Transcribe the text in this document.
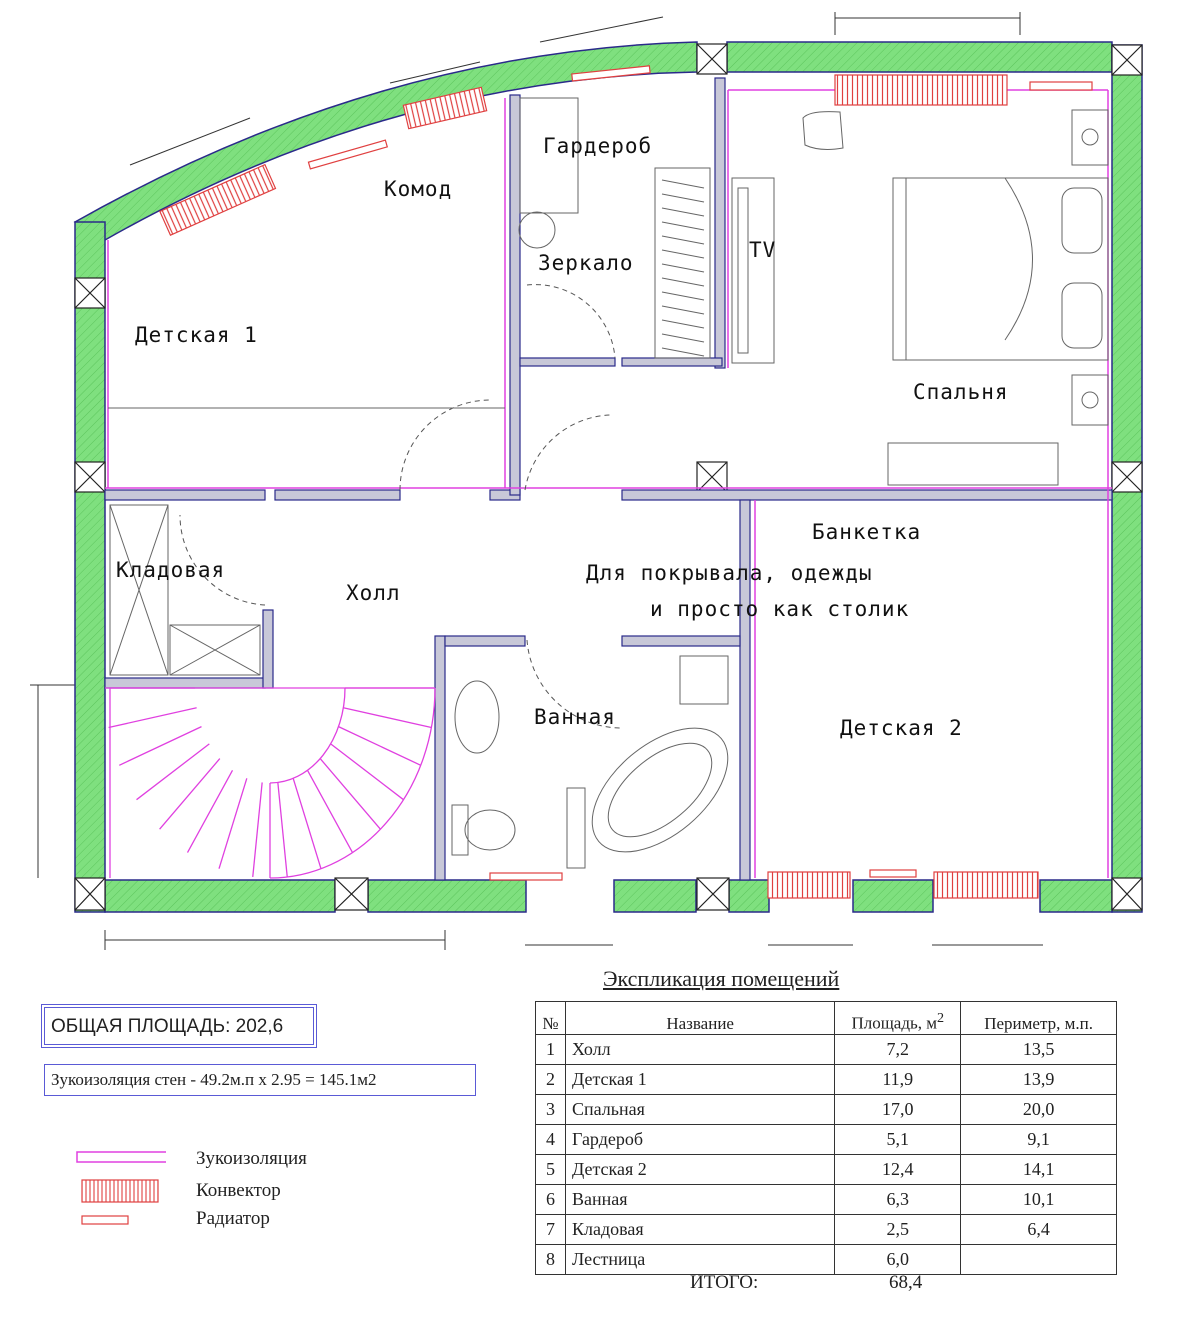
Гардероб
Комод
Зеркало
TV
Детская 1
Спальня
Банкетка
Для покрывала, одежды
и просто как столик
Кладовая
Холл
Ванная	Детская 2
ОБЩАЯ ПЛОЩАДЬ: 202,6
Зукоизоляция стен - 49.2м.п х 2.95 = 145.1м2
Зукоизоляция
Конвектор
Радиатор
Экспликация помещений
№	Название	Площадь, $м^2$	Периметр, м.п.
1	Холл	7,2	13,5
2	Детская 1	11,9	13,9
3	Спальная	17,0	20,0
4	Гардероб	5,1	9,1
5	Детская 2	12,4	14,1
6	Ванная	6,3	10,1
7	Кладовая	2,5	6,4
8	Лестница	6,0	
ИТОГО:	68,4
